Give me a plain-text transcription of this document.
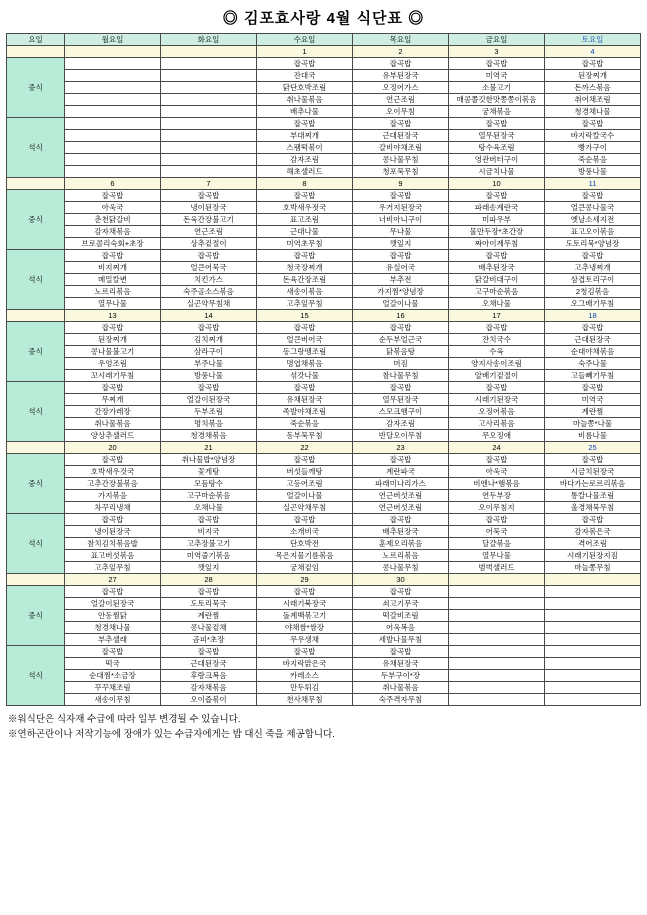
◎ 김포효사랑 4월 식단표 ◎
요일	월요일	화요일	수요일	목요일	금요일	토요일
			1	2	3	4
중식			잡곡밥	잡곡밥	잡곡밥	잡곡밥
			잔대국	유부된장국	미역국	된장찌개
			닭단호박조림	오징어가스	소불고기	돈까스볶음
			취나물볶음	연근조림	매콤쫄깃한맛쫑쫑이볶음	취어채조림
			배추나물	오이무침	궁채볶음	청경채나물
석식			잡곡밥	잡곡밥	잡곡밥	잡곡밥
			부대찌개	근대된장국	열무된장국	바지락칼국수
			스팸떡볶이	갈비야채조림	탕수육조림	빵가구이
			감자조림	콩나물무침	영관버터구이	죽순볶음
			해초샐러드	청포묵무침	시금치나물	방풍나물
	6	7	8	9	10	11
중식	잡곡밥	잡곡밥	잡곡밥	잡곡밥	잡곡밥	잡곡밥
	아욱국	냉이된장국	호박새우젓국	우거지된장국	파래송계란국	얼큰콩나물국
	춘천닭갈비	돈육간장불고기	표고조림	너비아니구이	미파우부	옛날소세지전
	감자채볶음	연근조림	근대나물	무나물	물만두장*초간장	표고오이볶음
	브로콜리숙회+초장	상추겉절이	미역초무침	깻잎지	짜아이계무침	도토리묵*양념장
석식	잡곡밥	잡곡밥	잡곡밥	잡곡밥	잡곡밥	잡곡밥
	비지찌개	얼큰어묵국	청국장찌개	유실어국	배추된장국	고추냉찌개
	메밀칼변	치킨가스	돈육간장조림	부추전	닭갈비대구이	삼겹토리구이
	노르리볶음	숙주골소스볶음	새송이볶음	가지찜*양념장	고구마순볶음	2청김볶음
	열무나물	실곤약무침채	고추잎무침	얼갈이나물	오채나물	오그배기무침
	13	14	15	16	17	18
중식	잡곡밥	잡곡밥	잡곡밥	잡곡밥	잡곡밥	잡곡밥
	된장찌개	김치찌개	얼큰버어국	순두부얼근국	잔치국수	근대된장국
	콩나물불고기	삼라구이	동그랑땡조림	닭볶음탕	수육	순대야채볶음
	우엉조림	부주나물	명엽채볶음	머짐	양지사송이조림	숙주나물
	꼬시래기무침	방풍나물	섞갓나물	참나물무침	알배기겉절이	고들빼기무침
석식	잡곡밥	잡곡밥	잡곡밥	잡곡밥	잡곡밥	잡곡밥
	무찌개	얼갈이된장국	유채된장국	열무된장국	시래기된장국	미역국
	간장가레장	두부조림	족발야채조림	스모크햄구이	오징어볶음	계란찜
	취나물볶음	명치볶음	죽순볶음	감자조림	고사리볶음	마늘쫑*나물
	양상추샐러드	청경채볶음	동부묵무침	반달오이무침	무오징애	비름나물
	20	21	22	23	24	25
중식	잡곡밥	취나물밥*양념장	잡곡밥	잡곡밥	잡곡밥	잡곡밥
	호박새우것국	꽃게탕	버섯들깨탕	계란파국	아욱국	시금치된장국
	고추간장불볶음	모듬탕수	고등어조림	파래미나리가스	비엔나*햄볶음	바다가는로르리볶음
	가지볶음	고구마순볶음	얼갈이나물	연근버섯조림	연두부장	통칼나물조림
	차꾸리냉채	오채나물	실곤약채무침	연근버섯조림	오이무침지	울경채묵무침
석식	잡곡밥	잡곡밥	잡곡밥	잡곡밥	잡곡밥	잡곡밥
	냉이된장국	비지국	소개비국	배추된장국	어묵국	감자볶은국
	참치김치볶음밥	고추장불고기	단호박전	훈제오리볶음	달걀볶음	격어조림
	표고버섯볶음	미역줄기볶음	목은지물기름볶음	노르리볶음	열무나물	시래기된장지짐
	고추잎무침	깻잎지	궁채겉임	콩나물무침	범벅샐러드	마늘쫑무침
	27	28	29	30		
중식	잡곡밥	잡곡밥	잡곡밥	잡곡밥		
	얼갈이된장국	도토리묵국	시래기북장국	쇠고기무국		
	안동찜닭	계란찜	돌계백볶고기	떡갈비조림		
	청경채나물	콩나물겉채	야채쌈*쌈장	어욱복음		
	부추샐래	곰피*초장	무우생채	세발나물무침		
석식	잡곡밥	잡곡밥	잡곡밥	잡곡밥		
	떡국	근대된장국	바지락맑은국	유채된장국		
	순대찜*소금장	후랑크복음	카레소스	두부구이*장		
	꾸꾸채조림	감자채볶음	만두튀김	취나물볶음		
	새송이무침	오이즙볶이	천사채무침	숙주격자무침		
※워식단은 식자재 수급에 따라 일부 변경될 수 있습니다.
※연하곤란이나 저작기능에 장애가 있는 수급자에게는 밥 대신 죽을 제공합니다.
